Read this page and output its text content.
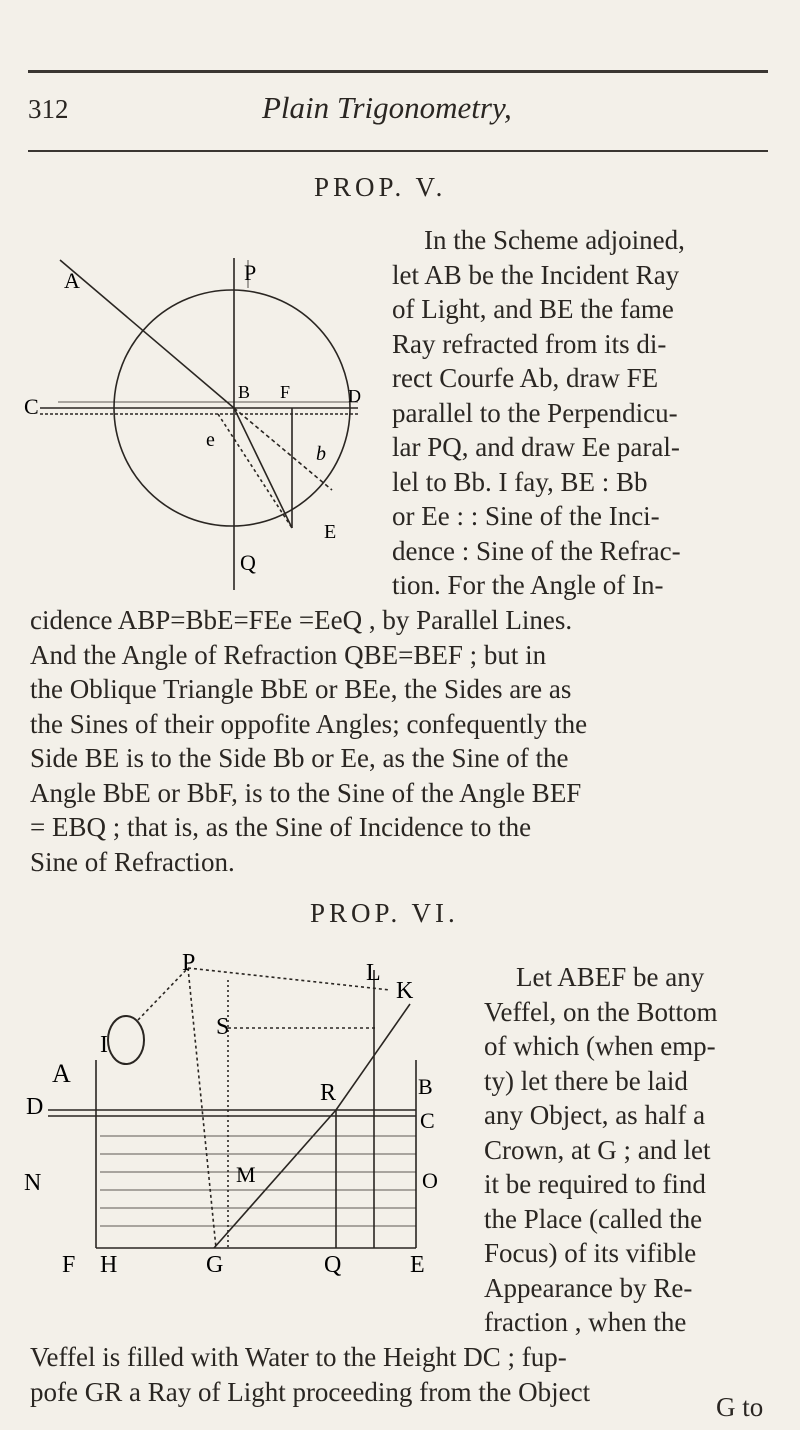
312	Plain Trigonometry,
PROP. V.
A	P
C
B F	D
e
b
E
Q
In the Scheme adjoined,
let AB be the Incident Ray
of Light, and BE the fame
Ray refracted from its di-
rect Courfe Ab, draw FE
parallel to the Perpendicu-
lar PQ, and draw Ee paral-
lel to Bb. I fay, BE : Bb
or Ee : : Sine of the Inci-
dence : Sine of the Refrac-
tion. For the Angle of In-
cidence ABP=BbE=FEe =EeQ , by Parallel Lines.
And the Angle of Refraction QBE=BEF ; but in
the Oblique Triangle BbE or BEe, the Sides are as
the Sines of their oppofite Angles; confequently the
Side BE is to the Side Bb or Ee, as the Sine of the
Angle BbE or BbF, is to the Sine of the Angle BEF
= EBQ ; that is, as the Sine of Incidence to the
Sine of Refraction.
PROP. VI.
P	L
K
I
S
A
R	B
D
C
M
N	O
F H	G	Q	E
Let ABEF be any
Veffel, on the Bottom
of which (when emp-
ty) let there be laid
any Object, as half a
Crown, at G ; and let
it be required to find
the Place (called the
Focus) of its vifible
Appearance by Re-
fraction , when the
Veffel is filled with Water to the Height DC ; fup-
pofe GR a Ray of Light proceeding from the Object
G to
